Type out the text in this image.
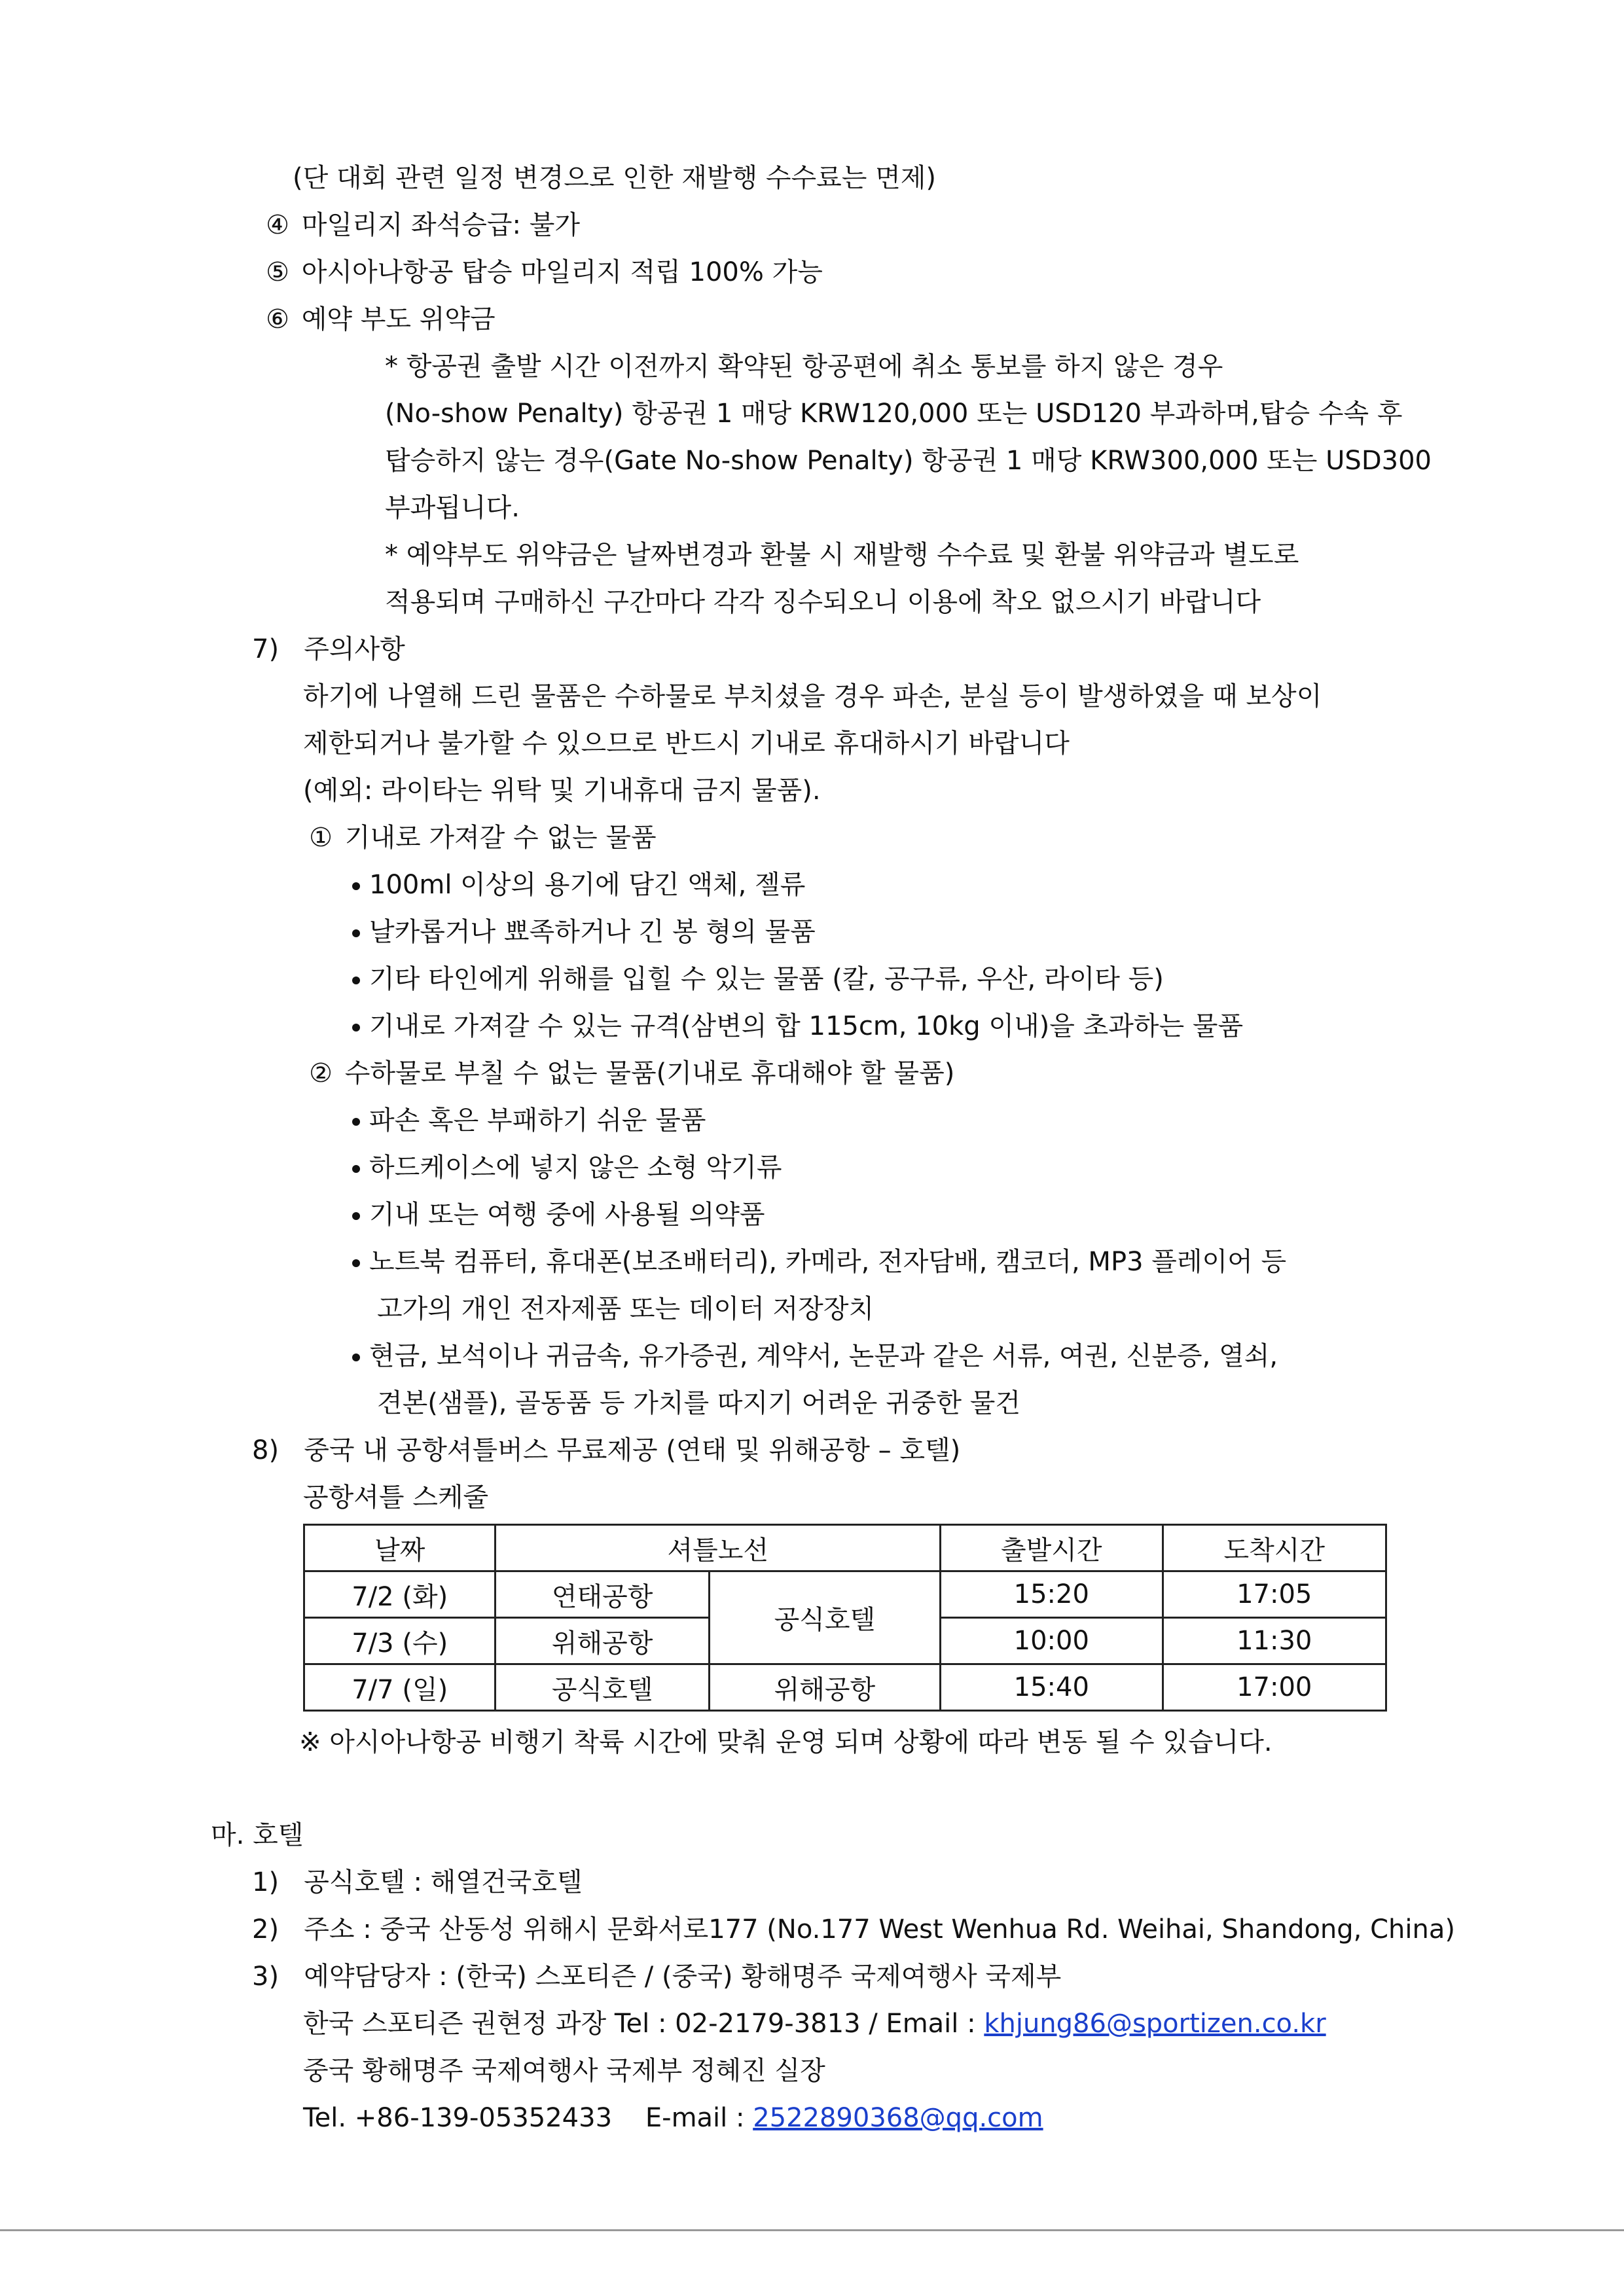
(단 대회 관련 일정 변경으로 인한 재발행 수수료는 면제)
④ 마일리지 좌석승급: 불가
⑤ 아시아나항공 탑승 마일리지 적립 100% 가능
⑥ 예약 부도 위약금
* 항공권 출발 시간 이전까지 확약된 항공편에 취소 통보를 하지 않은 경우
(No-show Penalty) 항공권 1 매당 KRW120,000 또는 USD120 부과하며,탑승 수속 후
탑승하지 않는 경우(Gate No-show Penalty) 항공권 1 매당 KRW300,000 또는 USD300
부과됩니다.
* 예약부도 위약금은 날짜변경과 환불 시 재발행 수수료 및 환불 위약금과 별도로
적용되며 구매하신 구간마다 각각 징수되오니 이용에 착오 없으시기 바랍니다
7) 주의사항
하기에 나열해 드린 물품은 수하물로 부치셨을 경우 파손, 분실 등이 발생하였을 때 보상이
제한되거나 불가할 수 있으므로 반드시 기내로 휴대하시기 바랍니다
(예외: 라이타는 위탁 및 기내휴대 금지 물품).
① 기내로 가져갈 수 없는 물품
100ml 이상의 용기에 담긴 액체, 젤류
날카롭거나 뾰족하거나 긴 봉 형의 물품
기타 타인에게 위해를 입힐 수 있는 물품 (칼, 공구류, 우산, 라이타 등)
기내로 가져갈 수 있는 규격(삼변의 합 115cm, 10kg 이내)을 초과하는 물품
② 수하물로 부칠 수 없는 물품(기내로 휴대해야 할 물품)
파손 혹은 부패하기 쉬운 물품
하드케이스에 넣지 않은 소형 악기류
기내 또는 여행 중에 사용될 의약품
노트북 컴퓨터, 휴대폰(보조배터리), 카메라, 전자담배, 캠코더, MP3 플레이어 등
고가의 개인 전자제품 또는 데이터 저장장치
현금, 보석이나 귀금속, 유가증권, 계약서, 논문과 같은 서류, 여권, 신분증, 열쇠,
견본(샘플), 골동품 등 가치를 따지기 어려운 귀중한 물건
8) 중국 내 공항셔틀버스 무료제공 (연태 및 위해공항 – 호텔)
공항셔틀 스케줄
날짜	셔틀노선		출발시간	도착시간
7/2 (화)	연태공항	공식호텔	15:20	17:05
7/3 (수)	위해공항		10:00	11:30
7/7 (일)	공식호텔	위해공항	15:40	17:00
※ 아시아나항공 비행기 착륙 시간에 맞춰 운영 되며 상황에 따라 변동 될 수 있습니다.
마. 호텔
1) 공식호텔 : 해열건국호텔
2) 주소 : 중국 산동성 위해시 문화서로177 (No.177 West Wenhua Rd. Weihai, Shandong, China)
3) 예약담당자 : (한국) 스포티즌 / (중국) 황해명주 국제여행사 국제부
한국 스포티즌 권현정 과장 Tel : 02-2179-3813 / Email : khjung86@sportizen.co.kr
중국 황해명주 국제여행사 국제부 정혜진 실장
Tel. +86-139-05352433    E-mail : 2522890368@qq.com
